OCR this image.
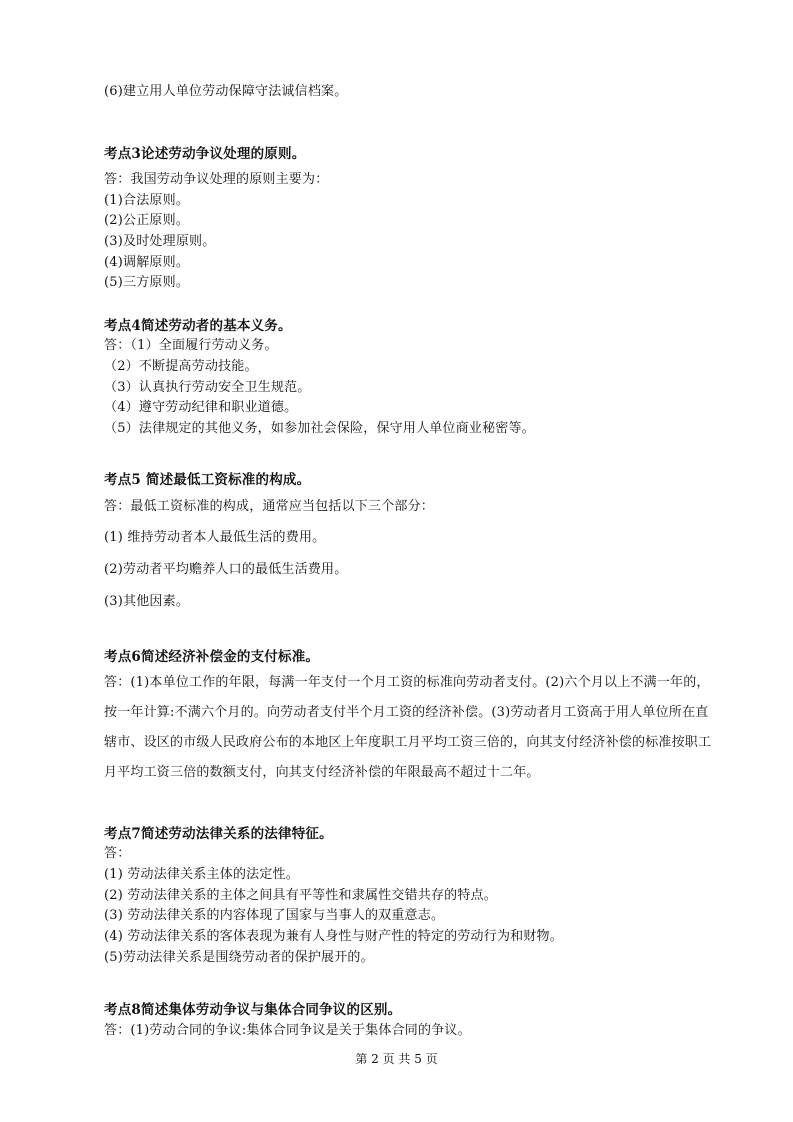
(6)建立用人单位劳动保障守法诚信档案。
考点3论述劳动争议处理的原则。
答：我国劳动争议处理的原则主要为：
(1)合法原则。
(2)公正原则。
(3)及时处理原则。
(4)调解原则。
(5)三方原则。
考点4简述劳动者的基本义务。
答：（1）全面履行劳动义务。
（2）不断提高劳动技能。
（3）认真执行劳动安全卫生规范。
（4）遵守劳动纪律和职业道德。
（5）法律规定的其他义务，如参加社会保险，保守用人单位商业秘密等。
考点5 简述最低工资标准的构成。
答：最低工资标准的构成，通常应当包括以下三个部分：
(1) 维持劳动者本人最低生活的费用。
(2)劳动者平均赡养人口的最低生活费用。
(3)其他因素。
考点6简述经济补偿金的支付标准。
答：(1)本单位工作的年限，每满一年支付一个月工资的标准向劳动者支付。(2)六个月以上不满一年的，按一年计算:不满六个月的。向劳动者支付半个月工资的经济补偿。(3)劳动者月工资高于用人单位所在直辖市、设区的市级人民政府公布的本地区上年度职工月平均工资三倍的，向其支付经济补偿的标准按职工月平均工资三倍的数额支付，向其支付经济补偿的年限最高不超过十二年。
考点7简述劳动法律关系的法律特征。
答：
(1) 劳动法律关系主体的法定性。
(2) 劳动法律关系的主体之间具有平等性和隶属性交错共存的特点。
(3) 劳动法律关系的内容体现了国家与当事人的双重意志。
(4) 劳动法律关系的客体表现为兼有人身性与财产性的特定的劳动行为和财物。
(5)劳动法律关系是围绕劳动者的保护展开的。
考点8简述集体劳动争议与集体合同争议的区别。
答：(1)劳动合同的争议:集体合同争议是关于集体合同的争议。
第 2 页 共 5 页
